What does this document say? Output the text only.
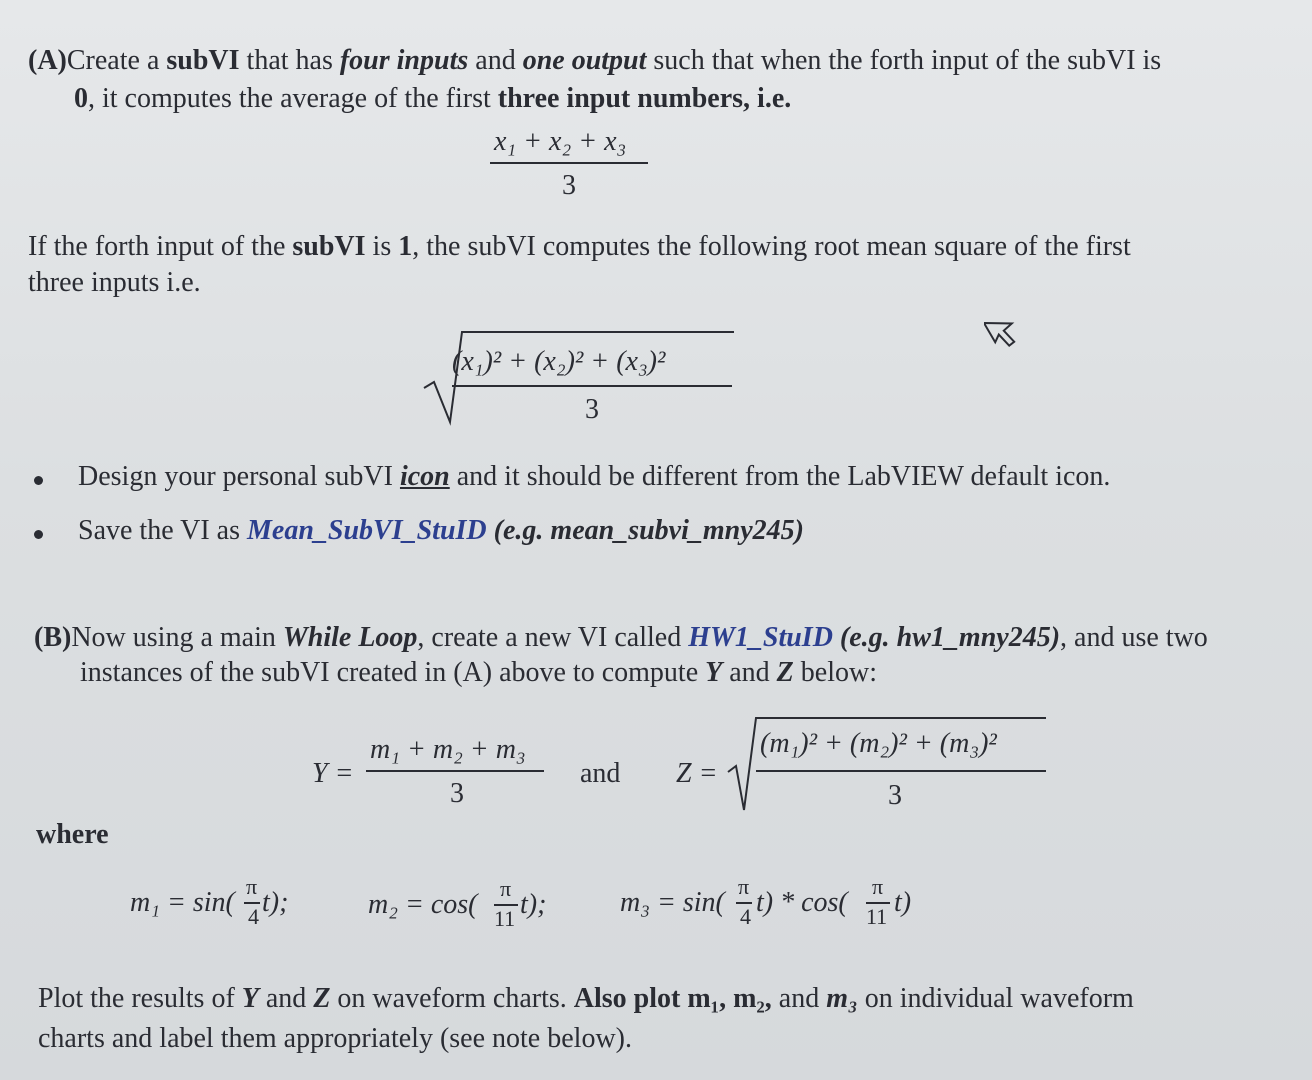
(A)Create a subVI that has four inputs and one output such that when the forth input of the subVI is
0, it computes the average of the first three input numbers, i.e.
x₁ + x₂ + x₃
3
If the forth input of the subVI is 1, the subVI computes the following root mean square of the first
three inputs i.e.
(x₁)² + (x₂)² + (x₃)²
3
Design your personal subVI icon and it should be different from the LabVIEW default icon.
Save the VI as Mean_SubVI_StuID (e.g. mean_subvi_mny245)
(B)Now using a main While Loop, create a new VI called HW1_StuID (e.g. hw1_mny245), and use two
instances of the subVI created in (A) above to compute Y and Z below:
Y =
m₁ + m₂ + m₃
3
and Z =
(m₁)² + (m₂)² + (m₃)²
3
where
m₁ = sin(
π
4 t);	m₂ = cos(
π
11 t);	m₃ = sin(
π
4 t) * cos(
π
11 t)
Plot the results of Y and Z on waveform charts. Also plot m₁, m₂, and m₃ on individual waveform
charts and label them appropriately (see note below).
